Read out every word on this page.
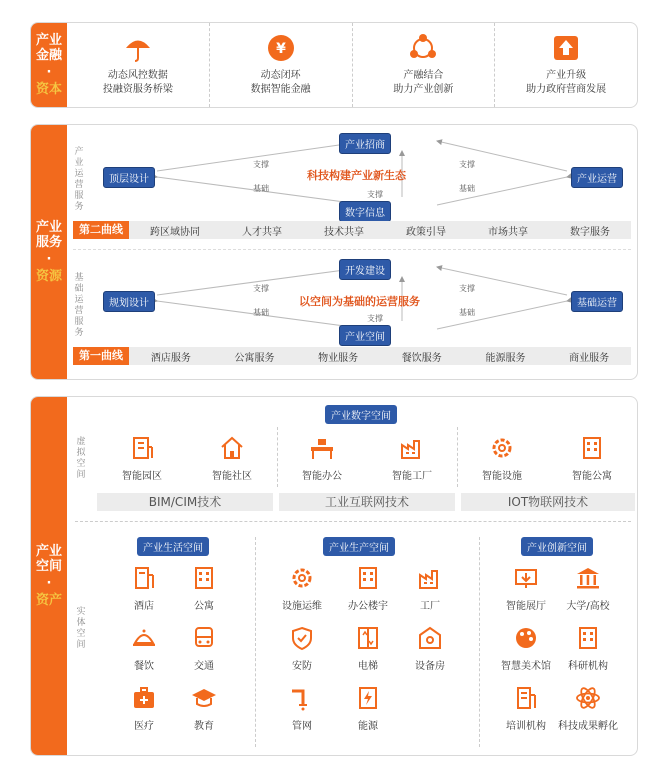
产业金融
·
资本
动态风控数据
投融资服务桥梁
¥
动态闭环
数据智能金融
产融结合
助力产业创新
产业升级
助力政府营商发展
产业服务
·
资源
产业运营服务
产业招商
顶层设计	产业运营
数字信息
科技构建产业新生态
支撑
基础
支撑
支撑
基础
第二曲线	跨区域协同	人才共享	技术共享	政策引导	市场共享	数字服务
基础运营服务
开发建设
规划设计	基础运营
产业空间
以空间为基础的运营服务
支撑
基础
支撑
支撑
基础
第一曲线	酒店服务	公寓服务	物业服务	餐饮服务	能源服务	商业服务
产业空间
·
资产
产业数字空间
虚拟空间	智能园区	智能社区	智能办公	智能工厂	智能设施	智能公寓
BIM/CIM技术	工业互联网技术	IOT物联网技术
实体空间
产业生活空间
酒店	公寓
餐饮	交通
医疗	教育
产业生产空间
设施运维	办公楼宇	工厂
安防	电梯	设备房
管网	能源
产业创新空间
智能展厅	大学/高校
智慧美术馆	科研机构
培训机构	科技成果孵化
